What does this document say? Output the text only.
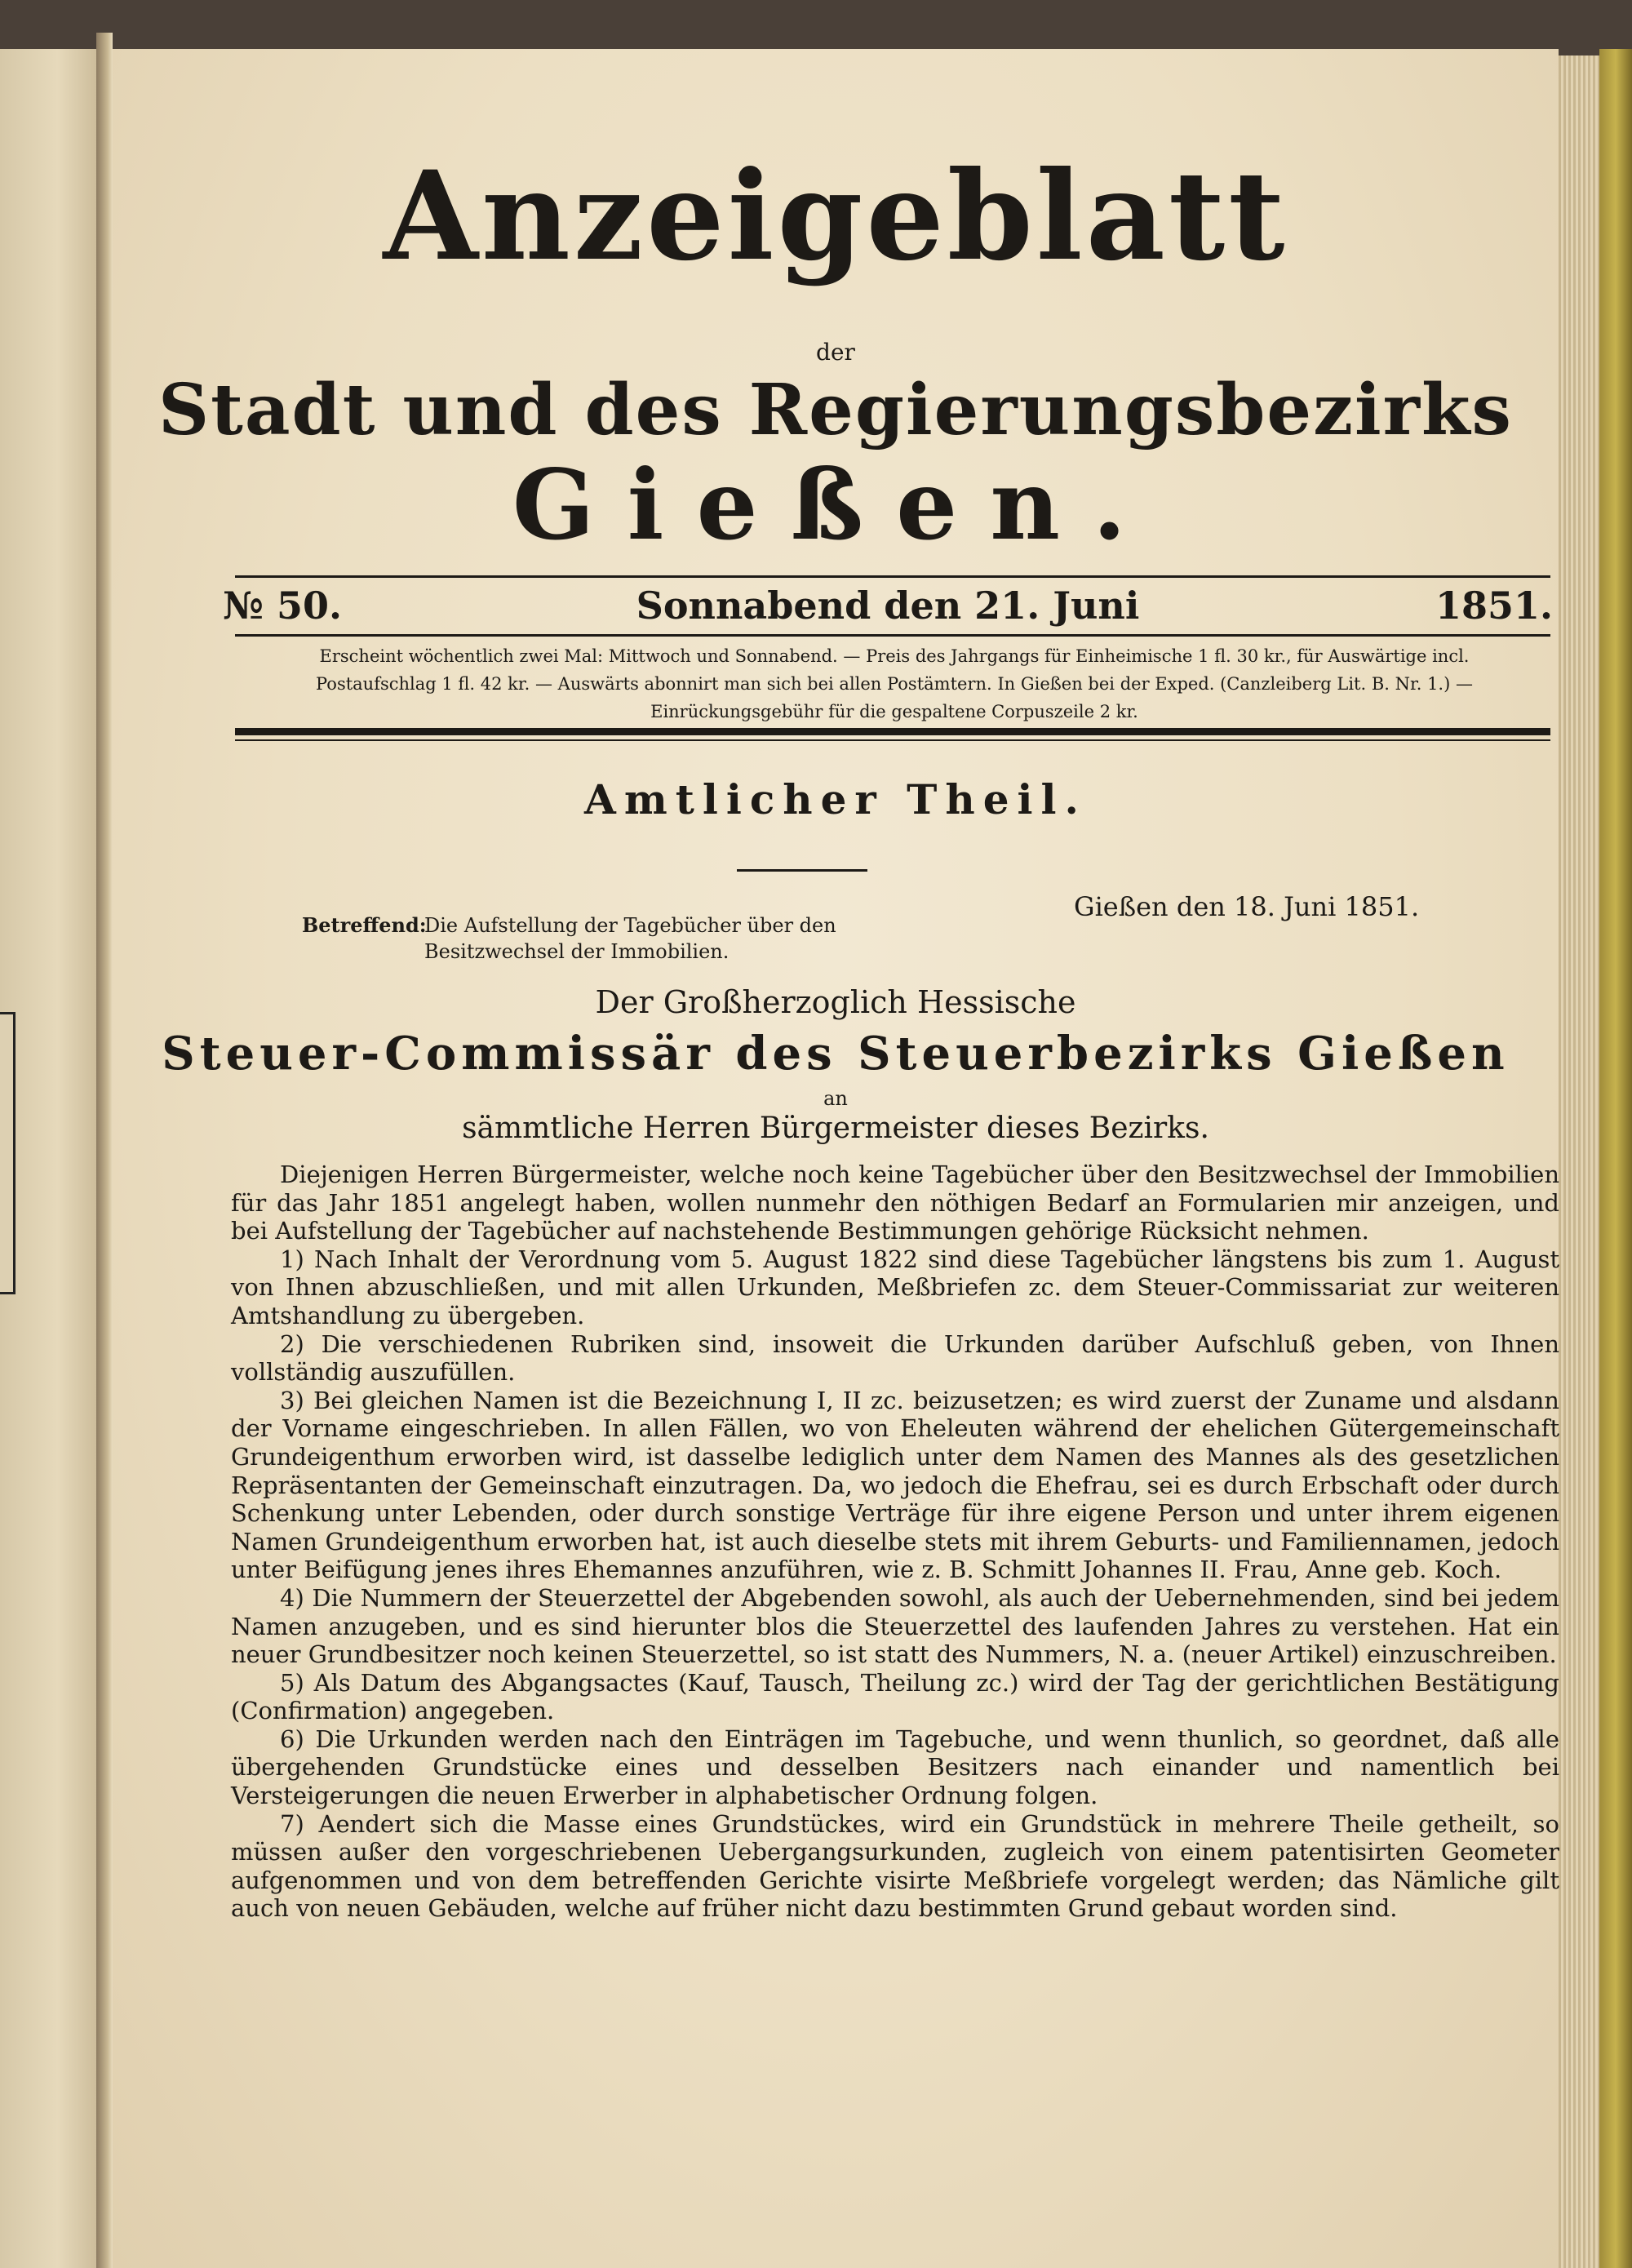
Anzeigeblatt
der
Stadt und des Regierungsbezirks
Gießen.
№ 50.	Sonnabend den 21. Juni	1851.
Erscheint wöchentlich zwei Mal: Mittwoch und Sonnabend. — Preis des Jahrgangs für Einheimische 1 fl. 30 kr., für Auswärtige incl.
Postaufschlag 1 fl. 42 kr. — Auswärts abonnirt man sich bei allen Postämtern. In Gießen bei der Exped. (Canzleiberg Lit. B. Nr. 1.) —
Einrückungsgebühr für die gespaltene Corpuszeile 2 kr.
Amtlicher Theil.
Gießen den 18. Juni 1851.
Betreffend:Die Aufstellung der Tagebücher über den Besitzwechsel der Immobilien.
Der Großherzoglich Hessische
Steuer-Commissär des Steuerbezirks Gießen
an
sämmtliche Herren Bürgermeister dieses Bezirks.

Diejenigen Herren Bürgermeister, welche noch keine Tagebücher über den Besitzwechsel der Immobilien für das Jahr 1851 angelegt haben, wollen nunmehr den nöthigen Bedarf an Formularien mir anzeigen, und bei Aufstellung der Tagebücher auf nachstehende Bestimmungen gehörige Rücksicht nehmen.

1) Nach Inhalt der Verordnung vom 5. August 1822 sind diese Tagebücher längstens bis zum 1. August von Ihnen abzuschließen, und mit allen Urkunden, Meßbriefen zc. dem Steuer-Commissariat zur weiteren Amtshandlung zu übergeben.

2) Die verschiedenen Rubriken sind, insoweit die Urkunden darüber Aufschluß geben, von Ihnen vollständig auszufüllen.

3) Bei gleichen Namen ist die Bezeichnung I, II zc. beizusetzen; es wird zuerst der Zuname und alsdann der Vorname eingeschrieben. In allen Fällen, wo von Eheleuten während der ehelichen Gütergemeinschaft Grundeigenthum erworben wird, ist dasselbe lediglich unter dem Namen des Mannes als des gesetzlichen Repräsentanten der Gemeinschaft einzutragen. Da, wo jedoch die Ehefrau, sei es durch Erbschaft oder durch Schenkung unter Lebenden, oder durch sonstige Verträge für ihre eigene Person und unter ihrem eigenen Namen Grundeigenthum erworben hat, ist auch dieselbe stets mit ihrem Geburts- und Familiennamen, jedoch unter Beifügung jenes ihres Ehemannes anzuführen, wie z. B. Schmitt Johannes II. Frau, Anne geb. Koch.

4) Die Nummern der Steuerzettel der Abgebenden sowohl, als auch der Uebernehmenden, sind bei jedem Namen anzugeben, und es sind hierunter blos die Steuerzettel des laufenden Jahres zu verstehen. Hat ein neuer Grundbesitzer noch keinen Steuerzettel, so ist statt des Nummers, N. a. (neuer Artikel) einzuschreiben.

5) Als Datum des Abgangsactes (Kauf, Tausch, Theilung zc.) wird der Tag der gerichtlichen Bestätigung (Confirmation) angegeben.

6) Die Urkunden werden nach den Einträgen im Tagebuche, und wenn thunlich, so geordnet, daß alle übergehenden Grundstücke eines und desselben Besitzers nach einander und namentlich bei Versteigerungen die neuen Erwerber in alphabetischer Ordnung folgen.

7) Aendert sich die Masse eines Grundstückes, wird ein Grundstück in mehrere Theile getheilt, so müssen außer den vorgeschriebenen Uebergangsurkunden, zugleich von einem patentisirten Geometer aufgenommen und von dem betreffenden Gerichte visirte Meßbriefe vorgelegt werden; das Nämliche gilt auch von neuen Gebäuden, welche auf früher nicht dazu bestimmten Grund gebaut worden sind.
